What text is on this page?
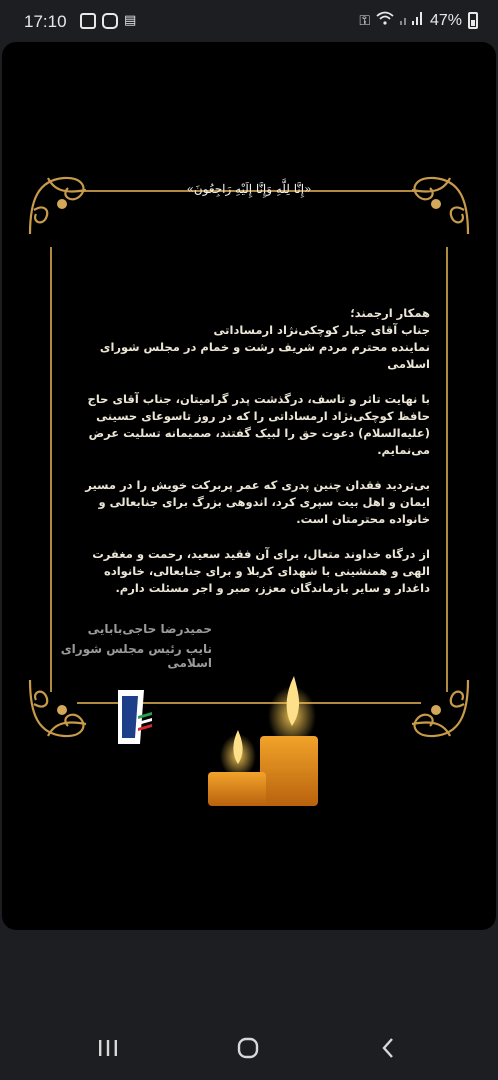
17:10	▤	⚿	47%
«إِنَّا لِلَّهِ وَإِنَّا إِلَيْهِ رَاجِعُونَ»

همکار ارجمند؛
جناب آقای جبار کوچکی‌نژاد ارمساداتی
نماینده محترم مردم شریف رشت و خمام در مجلس شورای اسلامی

با نهایت تاثر و تاسف، درگذشت پدر گرامیتان، جناب آقای حاج حافظ کوچکی‌نژاد ارمساداتی را که در روز تاسوعای حسینی (علیه‌السلام) دعوت حق را لبیک گفتند، صمیمانه تسلیت عرض می‌نمایم.

بی‌تردید فقدان چنین پدری که عمر پربرکت خویش را در مسیر ایمان و اهل بیت سپری کرد، اندوهی بزرگ برای جنابعالی و خانواده محترمتان است.

از درگاه خداوند متعال، برای آن فقید سعید، رحمت و مغفرت الهی و همنشینی با شهدای کربلا و برای جنابعالی، خانواده داغدار و سایر بازماندگان معزز، صبر و اجر مسئلت دارم.

حمیدرضا حاجی‌بابایی
نایب رئیس مجلس شورای اسلامی
